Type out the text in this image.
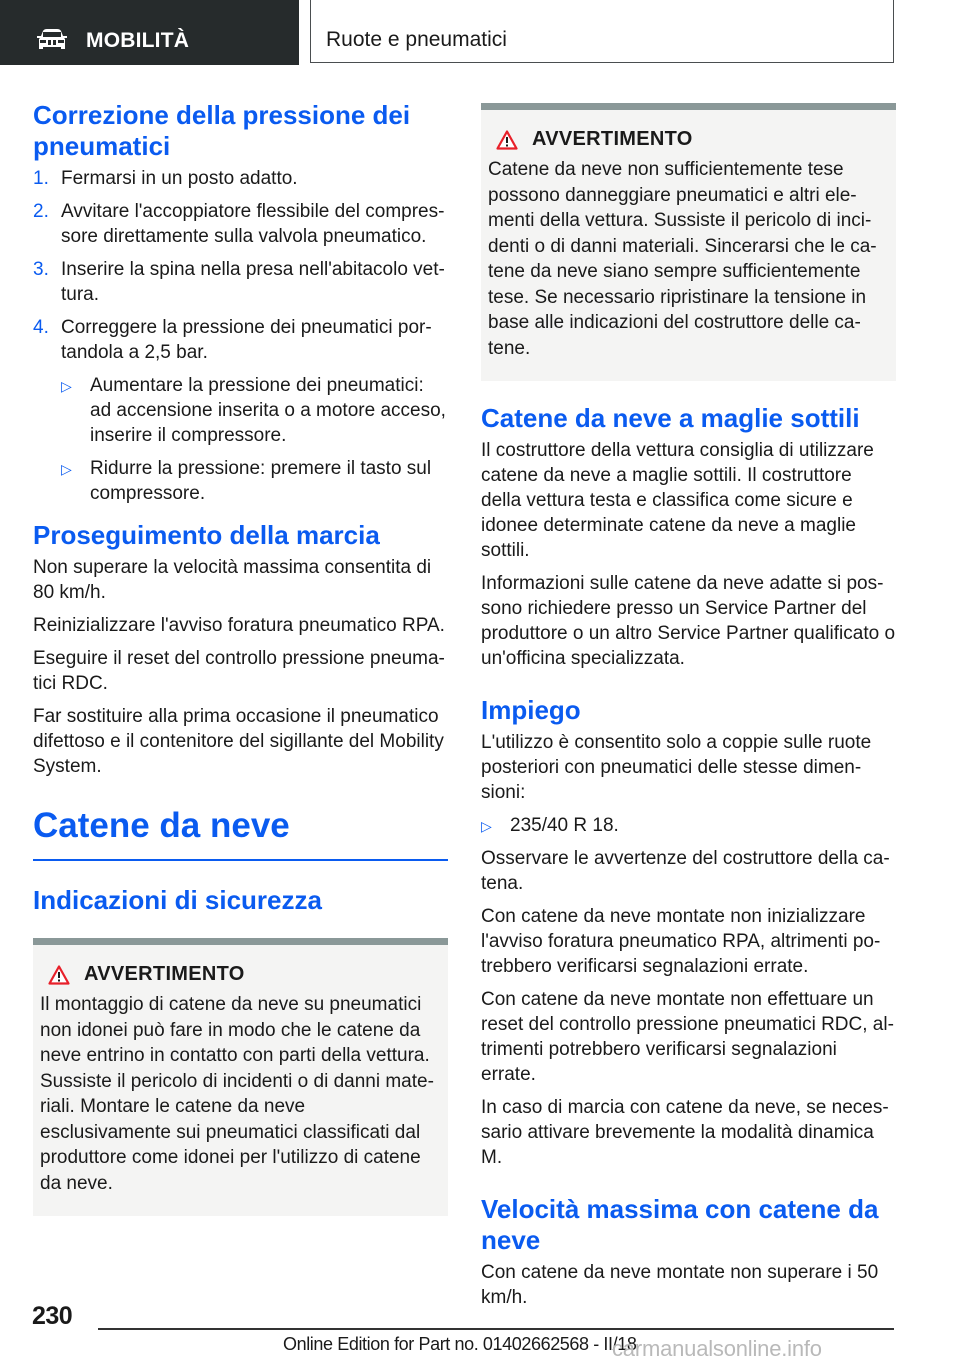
MOBILITÀ	Ruote e pneumatici
Correzione della pressione dei pneumatici
1. Fermarsi in un posto adatto.
2. Avvitare l'accoppiatore flessibile del compres-sore direttamente sulla valvola pneumatico.
3. Inserire la spina nella presa nell'abitacolo vet-tura.
4. Correggere la pressione dei pneumatici por-tandola a 2,5 bar.
▷ Aumentare la pressione dei pneumatici: ad accensione inserita o a motore acceso, inserire il compressore.
▷ Ridurre la pressione: premere il tasto sul compressore.
Proseguimento della marcia

Non superare la velocità massima consentita di 80 km/h.

Reinizializzare l'avviso foratura pneumatico RPA.

Eseguire il reset del controllo pressione pneuma-tici RDC.

Far sostituire alla prima occasione il pneumatico difettoso e il contenitore del sigillante del Mobility System.

Catene da neve
Indicazioni di sicurezza
AVVERTIMENTO

Il montaggio di catene da neve su pneumatici non idonei può fare in modo che le catene da neve entrino in contatto con parti della vettura. Sussiste il pericolo di incidenti o di danni mate-riali. Montare le catene da neve esclusivamente sui pneumatici classificati dal produttore come idonei per l'utilizzo di catene da neve.

AVVERTIMENTO

Catene da neve non sufficientemente tese possono danneggiare pneumatici e altri ele-menti della vettura. Sussiste il pericolo di inci-denti o di danni materiali. Sincerarsi che le ca-tene da neve siano sempre sufficientemente tese. Se necessario ripristinare la tensione in base alle indicazioni del costruttore delle ca-tene.

Catene da neve a maglie sottili

Il costruttore della vettura consiglia di utilizzare catene da neve a maglie sottili. Il costruttore della vettura testa e classifica come sicure e idonee determinate catene da neve a maglie sottili.

Informazioni sulle catene da neve adatte si pos-sono richiedere presso un Service Partner del produttore o un altro Service Partner qualificato o un'officina specializzata.

Impiego

L'utilizzo è consentito solo a coppie sulle ruote posteriori con pneumatici delle stesse dimen-sioni:

▷ 235/40 R 18.

Osservare le avvertenze del costruttore della ca-tena.

Con catene da neve montate non inizializzare l'avviso foratura pneumatico RPA, altrimenti po-trebbero verificarsi segnalazioni errate.

Con catene da neve montate non effettuare un reset del controllo pressione pneumatici RDC, al-trimenti potrebbero verificarsi segnalazioni errate.

In caso di marcia con catene da neve, se neces-sario attivare brevemente la modalità dinamica M.

Velocità massima con catene da neve

Con catene da neve montate non superare i 50 km/h.

230
Online Edition for Part no. 01402662568 - II/18
carmanualsonline.info
